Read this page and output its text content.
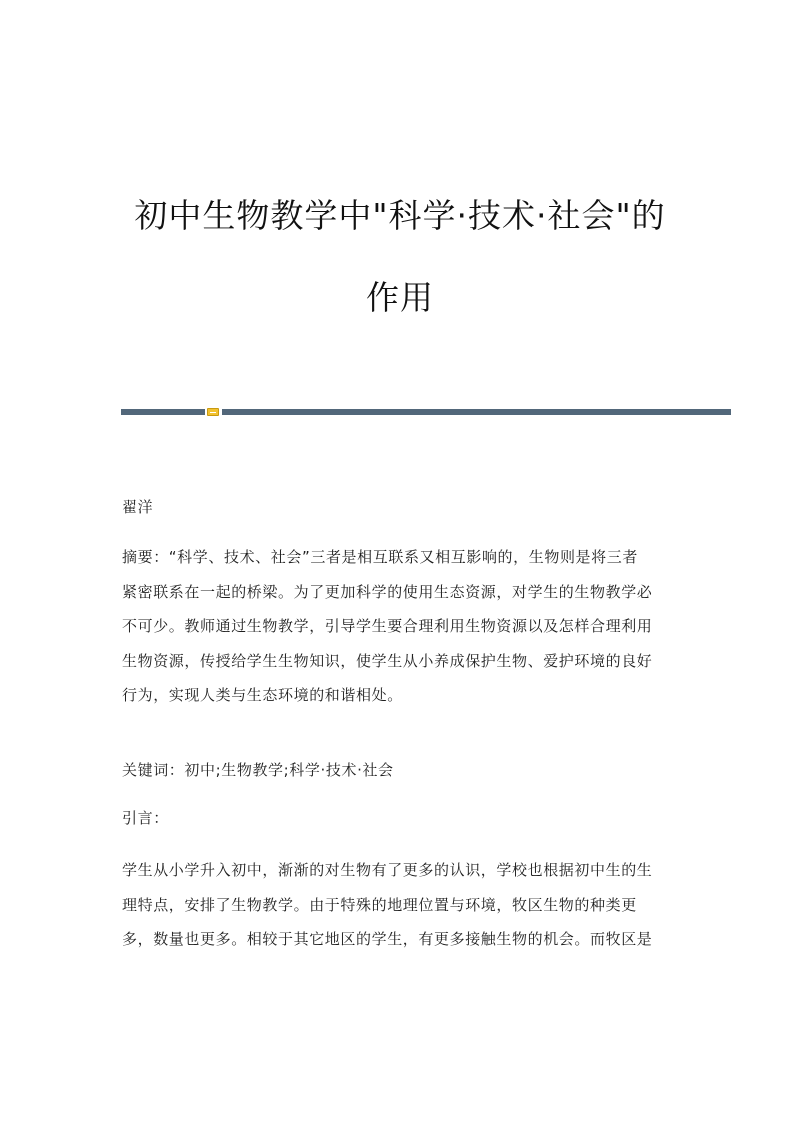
初中生物教学中"科学·技术·社会"的
作用
翟洋
摘要：“科学、技术、社会”三者是相互联系又相互影响的，生物则是将三者
紧密联系在一起的桥梁。为了更加科学的使用生态资源，对学生的生物教学必
不可少。教师通过生物教学，引导学生要合理利用生物资源以及怎样合理利用
生物资源，传授给学生生物知识，使学生从小养成保护生物、爱护环境的良好
行为，实现人类与生态环境的和谐相处。
关键词：初中;生物教学;科学·技术·社会
引言：
学生从小学升入初中，渐渐的对生物有了更多的认识，学校也根据初中生的生
理特点，安排了生物教学。由于特殊的地理位置与环境，牧区生物的种类更
多，数量也更多。相较于其它地区的学生，有更多接触生物的机会。而牧区是
